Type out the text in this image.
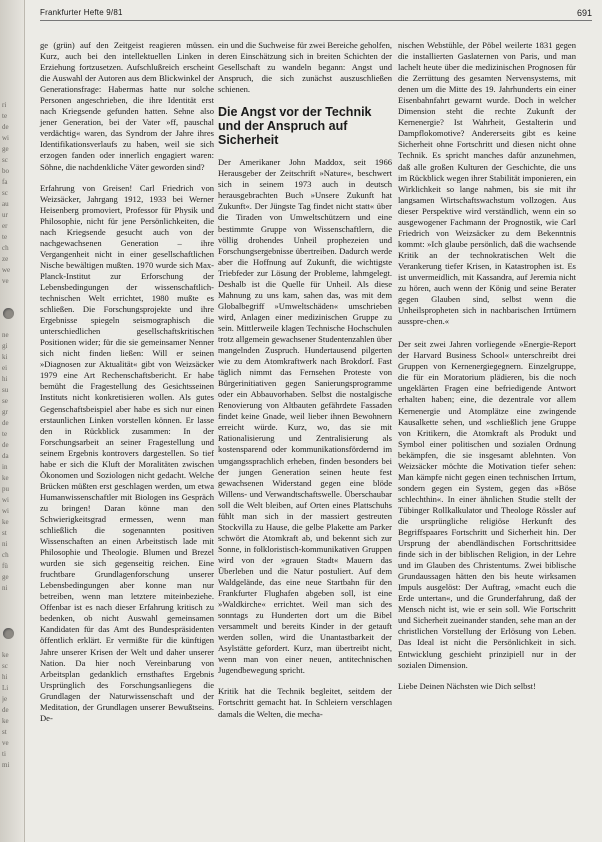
ri
te
de
wi
ge
sc
bo
fa
sc
au
ur
er
te
ch
ze
we
ve
ne
gi
ki
ei
hi
su
se
gr
de
te
de
da
in
ke
pu
wi
wi
ke
st
ni
ch
fü
ge
ni
ke
sc
hi
Li
je
de
ke
st
ve
ti
mi
Frankfurter Hefte 9/81	691

ge (grün) auf den Zeitgeist reagieren müssen. Kurz, auch bei den intellektuellen Linken in Erziehung fortzusetzen. Aufschlußreich erscheint die Auswahl der Autoren aus dem Blickwinkel der Generationsfrage: Habermas hatte nur solche Personen angeschrieben, die ihre Identität erst nach Kriegsende gefunden hatten. Sehne also jener Generation, bei der Vater »ff, pauschal verdächtig« waren, das Syndrom der Jahre ihres Identifikationsverlaufs zu haben, weil sie sich erzogen fanden oder innerlich engagiert waren: Söhne, die nachdenkliche Väter geworden sind?

Erfahrung von Greisen! Carl Friedrich von Weizsäcker, Jahrgang 1912, 1933 bei Werner Heisenberg promoviert, Professor für Physik und Philosophie, nicht für jene Persönlichkeiten, die nach Kriegsende gesucht auch von der nachgewachsenen Generation – ihre Vergangenheit nicht in einer gesellschaftlichen Nische bewältigen mußten. 1970 wurde sich Max-Planck-Institut zur Erforschung der Lebensbedingungen der wissenschaftlich-technischen Welt errichtet, 1980 mußte es schließen. Die Forschungsprojekte und ihre Ergebnisse spiegeln seismographisch die unterschiedlichen gesellschaftskritischen Positionen wider; für die sie gemeinsamer Nenner sich nicht finden ließen: Will er seinen »Diagnosen zur Aktualität« gibt von Weizsäcker 1979 eine Art Rechenschaftsbericht. Er habe bemüht die Fragestellung des Gesichtsseinen Instituts nicht konkretisieren wollen. Als gutes Gegenschaftsbeispiel aber habe es sich nur einen erstaunlichen Linken vorstellen können. Er lasse den in Rückblick zusammen: In der Forschungsarbeit an seiner Fragestellung und seinem Ergebnis kontrovers dargestellen. So tief habe er sich die Kluft der Moralitäten zwischen Ökonomen und Soziologen nicht gedacht. Welche Brücken müßten erst geschlagen werden, um etwa Humanwissenschaftler mit Biologen ins Gespräch zu bringen! Daran könne man den Schwierigkeitsgrad ermessen, wenn man schließlich die sogenannten positiven Wissenschaften an einen Arbeitstisch lade mit Philosophie und Theologie. Blumen und Brezel wurden sie sich gegenseitig reichen. Eine fruchtbare Grundlagenforschung unserer Lebensbedingungen aber konne man nur betreiben, wenn man letztere miteinbeziehe. Offenbar ist es nach dieser Erfahrung kritisch zu bedenken, ob nicht Auswahl gemeinsamen Kandidaten für das Amt des Bundespräsidenten öffentlich erklärt. Er vermißte für die künftigen Jahre unserer Krisen der Welt und daher unserer Nation. Da hier noch Vereinbarung von Arbeitsplan gedanklich ernsthaftes Ergebnis Ursprünglich des Forschungsanliegens die Grundlagen der Naturwissenschaft und der Meditation, der Grundlagen unserer Bewußtseins. De-

ein und die Suchweise für zwei Bereiche geholfen, deren Einschätzung sich in breiten Schichten der Gesellschaft zu wandeln begann: Angst und Anspruch, die sich zunächst auszuschließen schienen.

Die Angst vor der Technik und der Anspruch auf Sicherheit

Der Amerikaner John Maddox, seit 1966 Herausgeber der Zeitschrift »Nature«, beschwert sich in seinem 1973 auch in deutsch herausgebrachten Buch »Unsere Zukunft hat Zukunft«. Der Jüngste Tag findet nicht statt« über die Tiraden von Umweltschützern und eine bestimmte Gruppe von Wissenschaftlern, die völlig drohendes Unheil prophezeien und Forschungsergebnisse übertreiben. Dadurch werde aber die Hoffnung auf Zukunft, die wichtigste Triebfeder zur Lösung der Probleme, lahmgelegt. Deshalb ist die Quelle für Unheil. Als diese Mahnung zu uns kam, sahen das, was mit dem Globalbegriff »Umweltschäden« umschrieben wird, Anlagen einer medizinischen Gruppe zu sein. Mittlerweile klagen Technische Hochschulen trotz allgemein gewachsener Studentenzahlen über mangelnden Zuspruch. Hundertausend pilgerten wie zu dem Atomkraftwerk nach Brokdorf. Fast täglich nimmt das Fernsehen Proteste von Bürgerinitiativen gegen Sanierungsprogramme oder ein Abbauvorhaben. Selbst die nostalgische Renovierung von Altbauten gefährdete Fassaden findet keine Gnade, weil lieber ihnen Bewohnern erreicht würde. Kurz, wo, das sie mit Rationalisierung und Zentralisierung als kostensparend oder kommunikationsfördernd im umgangssprachlich erheben, finden besonders bei der jungen Generation seinen heute fest gewachsenen Widerstand gegen eine blöde Willens- und Verwandtschaftswelle. Überschaubar soll die Welt bleiben, auf Orten eines Plattschuhs fühlt man sich in der massiert gestreuten Stockvilla zu Hause, die gelbe Plakette am Parker schwört die Atomkraft ab, und bekennt sich zur Sonne, in folkloristisch-kommunikativen Gruppen wird von der »grauen Stadt« Mauern das Überleben und die Natur postuliert. Auf dem Waldgelände, das eine neue Startbahn für den Frankfurter Flughafen abgeben soll, ist eine »Waldkirche« errichtet. Weil man sich des sonntags zu Hunderten dort um die Bibel versammelt und bereits Kinder in der getauft werden sollen, wird die Unantastbarkeit der Asylstätte gefordert. Kurz, man übertreibt nicht, wenn man von einer neuen, antitechnischen Jugendbewegung spricht.

Kritik hat die Technik begleitet, seitdem der Fortschritt gemacht hat. In Schleiern verschlagen damals die Welten, die mecha-

nischen Webstühle, der Pöbel weilerte 1831 gegen die installierten Gaslaternen von Paris, und man lachelt heute über die medizinischen Prognosen für die Zerrüttung des gesamten Nervensystems, mit denen um die Mitte des 19. Jahrhunderts ein einer Eisenbahnfahrt gewarnt wurde. Doch in welcher Dimension steht die rechte Zukunft der Kernenergie? Ist Wahrheit, Gestalterin und Dampflokomotive? Andererseits gibt es keine Sicherheit ohne Fortschritt und diesen nicht ohne Technik. Es spricht manches dafür anzunehmen, daß alle großen Kulturen der Geschichte, die uns im Rückblick wegen ihrer Stabilität imponieren, ein Wirklichkeit so lange nahmen, bis sie mit ihr langsamen Wirtschaftswachstum vollzogen. Aus dieser Perspektive wird verständlich, wenn ein so ausgewogener Fachmann der Prognostik, wie Carl Friedrich von Weizsäcker zu dem Bekenntnis kommt: »Ich glaube persönlich, daß die wachsende Kritik an der technokratischen Welt die Verankerung tiefer Krisen, in Katastrophen ist. Es ist unvermeidlich, mit Kassandra, auf Jeremia nicht zu hören, auch wenn der König und seine Berater gegen Glauben sind, selbst wenn die Unheilspropheten sich in nachbarischen Irrtümern ausspre-chen.«

Der seit zwei Jahren vorliegende »Energie-Report der Harvard Business School« unterschreibt drei Gruppen von Kernenergiegegnern. Einzelgruppe, die für ein Moratorium plädieren, bis die noch ungeklärten Fragen eine befriedigende Antwort erhalten haben; eine, die dezentrale vor allem Kernenergie und Atomplätze eine zwingende Kausalkette sehen, und »schließlich jene Gruppe von Kritikern, die Atomkraft als Produkt und Symbol einer politischen und sozialen Ordnung bekämpfen, die sie insgesamt ablehnten. Von Weizsäcker möchte die Motivation tiefer sehen: Man kämpfe nicht gegen einen technischen Irrtum, sondern gegen ein System, gegen das »Böse schlechthin«. In einer ähnlichen Studie stellt der Tübinger Rollkalkulator und Theologe Rössler auf die ursprüngliche religiöse Herkunft des Begriffspaares Fortschritt und Sicherheit hin. Der Ursprung der abendländischen Fortschrittsidee finde sich in der biblischen Religion, in der Lehre und im Glauben des Christentums. Zwei biblische Grundaussagen hätten den bis heute wirksamen Impuls ausgelöst: Der Auftrag, »macht euch die Erde untertan«, und die Grunderfahrung, daß der Mensch nicht ist, wie er sein soll. Wie Fortschritt und Sicherheit zueinander standen, sehe man an der christlichen Vorstellung der Erlösung von Leben. Das Ideal ist nicht die Persönlichkeit in sich. Entwicklung geschieht prinzipiell nur in der sozialen Dimension.

Liebe Deinen Nächsten wie Dich selbst!
